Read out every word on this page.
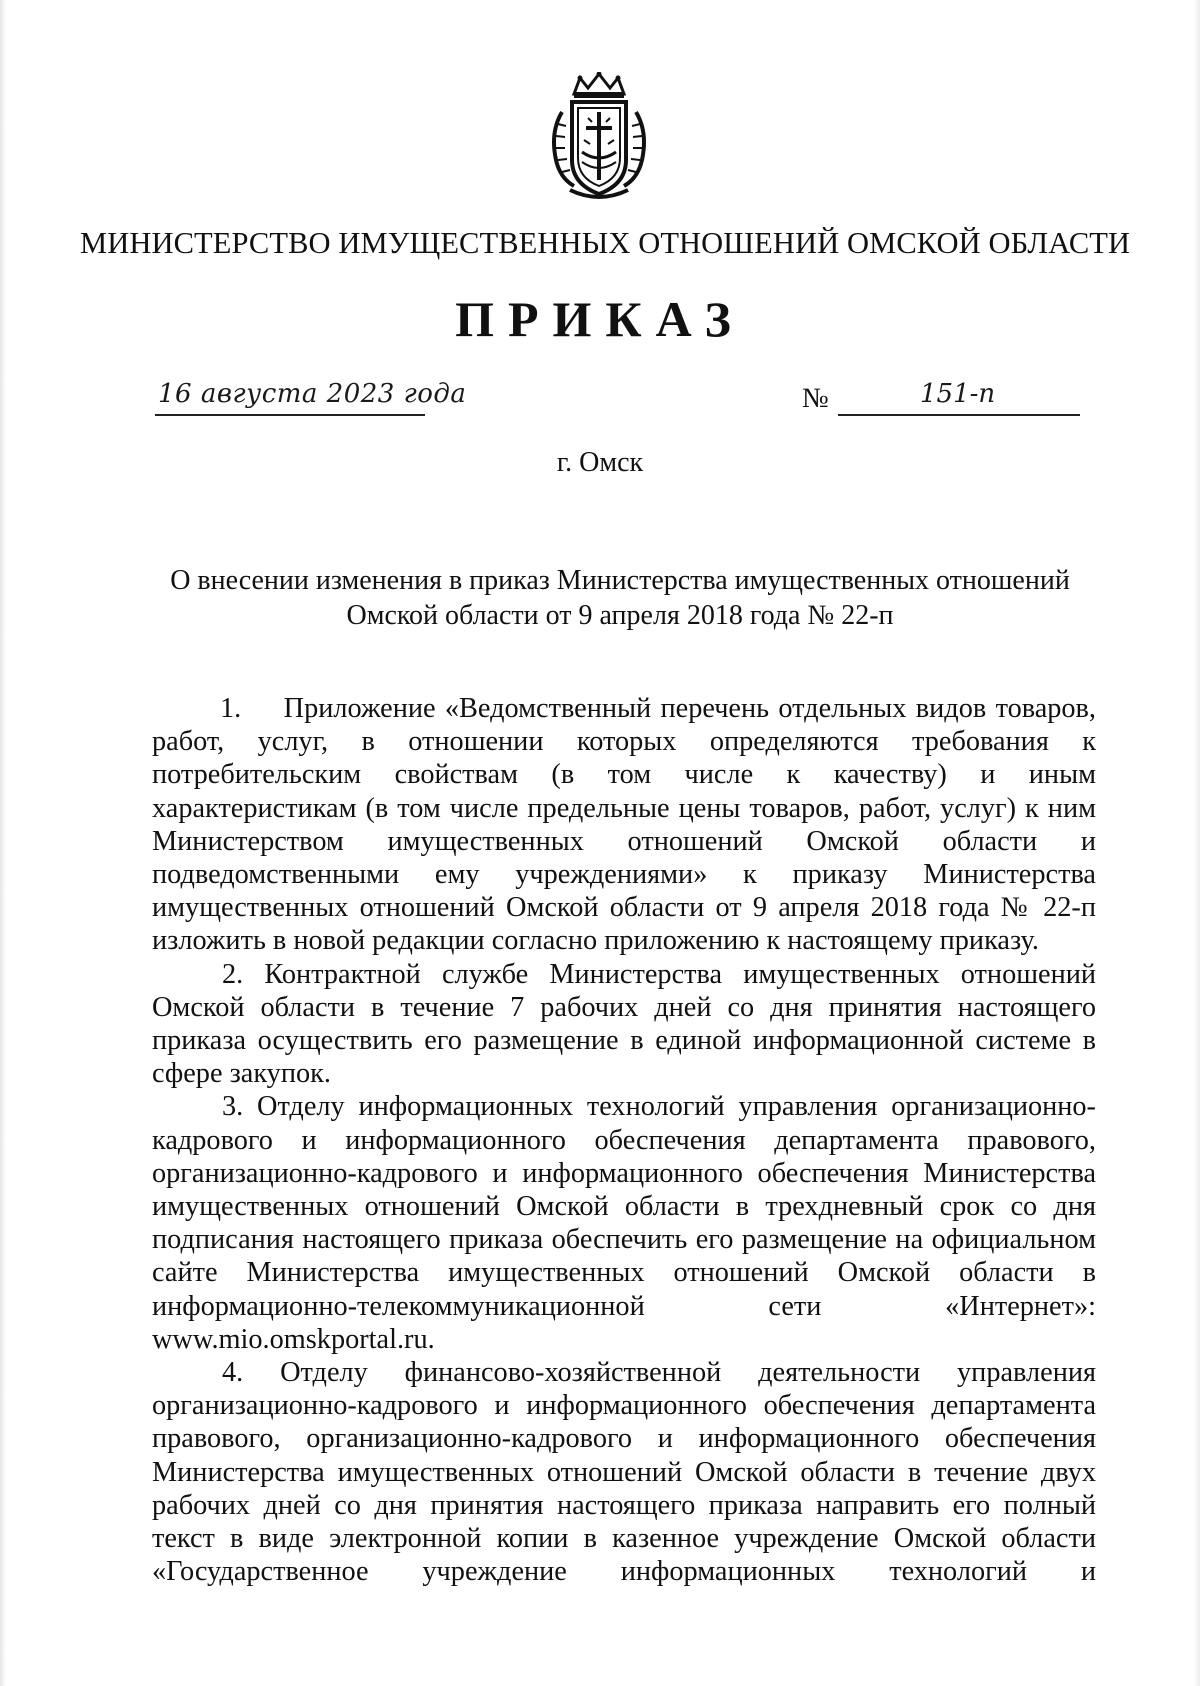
МИНИСТЕРСТВО ИМУЩЕСТВЕННЫХ ОТНОШЕНИЙ ОМСКОЙ ОБЛАСТИ
ПРИКАЗ
16 августа 2023 года	№	151-п
г. Омск
О внесении изменения в приказ Министерства имущественных отношений
Омской области от 9 апреля 2018 года № 22-п

1.  Приложение «Ведомственный перечень отдельных видов товаров, работ, услуг, в отношении которых определяются требования к потребительским свойствам (в том числе к качеству) и иным характеристикам (в том числе предельные цены товаров, работ, услуг) к ним Министерством имущественных отношений Омской области и подведомственными ему учреждениями» к приказу Министерства имущественных отношений Омской области от 9 апреля 2018 года № 22-п изложить в новой редакции согласно приложению к настоящему приказу.

2. Контрактной службе Министерства имущественных отношений Омской области в течение 7 рабочих дней со дня принятия настоящего приказа осуществить его размещение в единой информационной системе в сфере закупок.

3. Отделу информационных технологий управления организационно-кадрового и информационного обеспечения департамента правового, организационно-кадрового и информационного обеспечения Министерства имущественных отношений Омской области в трехдневный срок со дня подписания настоящего приказа обеспечить его размещение на официальном сайте Министерства имущественных отношений Омской области в информационно-телекоммуникационной сети «Интернет»: www.mio.omskportal.ru.

4. Отделу финансово-хозяйственной деятельности управления организационно-кадрового и информационного обеспечения департамента правового, организационно-кадрового и информационного обеспечения Министерства имущественных отношений Омской области в течение двух рабочих дней со дня принятия настоящего приказа направить его полный текст в виде электронной копии в казенное учреждение Омской области «Государственное учреждение информационных технологий и
